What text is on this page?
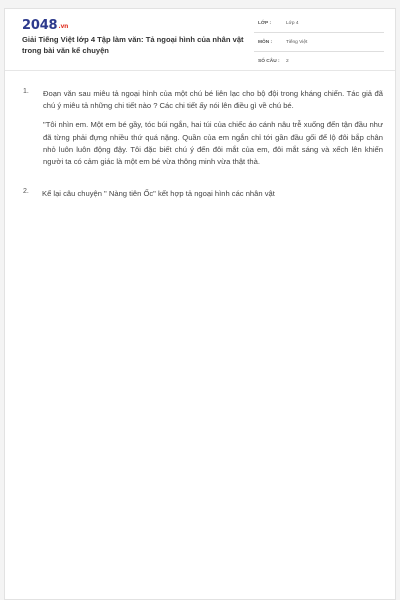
2048.vn
Giải Tiếng Việt lớp 4 Tập làm văn: Tả ngoại hình của nhân vật trong bài văn kể chuyện
LỚP :	Lớp 4
MÔN :	Tiếng Việt
SỐ CÂU : 2
1. Đoạn văn sau miêu tả ngoại hình của một chú bé liên lạc cho bộ đội trong kháng chiến. Tác giả đã chú ý miêu tả những chi tiết nào ? Các chi tiết ấy nói lên điều gì về chú bé.
"Tôi nhìn em. Một em bé gầy, tóc búi ngắn, hai túi của chiếc áo cánh nâu trễ xuống đến tận đầu như đã từng phải đựng nhiều thứ quá nặng. Quần của em ngắn chỉ tới gần đầu gối để lộ đôi bắp chân nhỏ luôn luôn động đậy. Tôi đặc biết chú ý đến đôi mắt của em, đôi mắt sáng và xếch lên khiến người ta có cảm giác là một em bé vừa thông minh vừa thật thà.
2. Kể lại câu chuyện " Nàng tiên Ốc" kết hợp tả ngoại hình các nhân vật
